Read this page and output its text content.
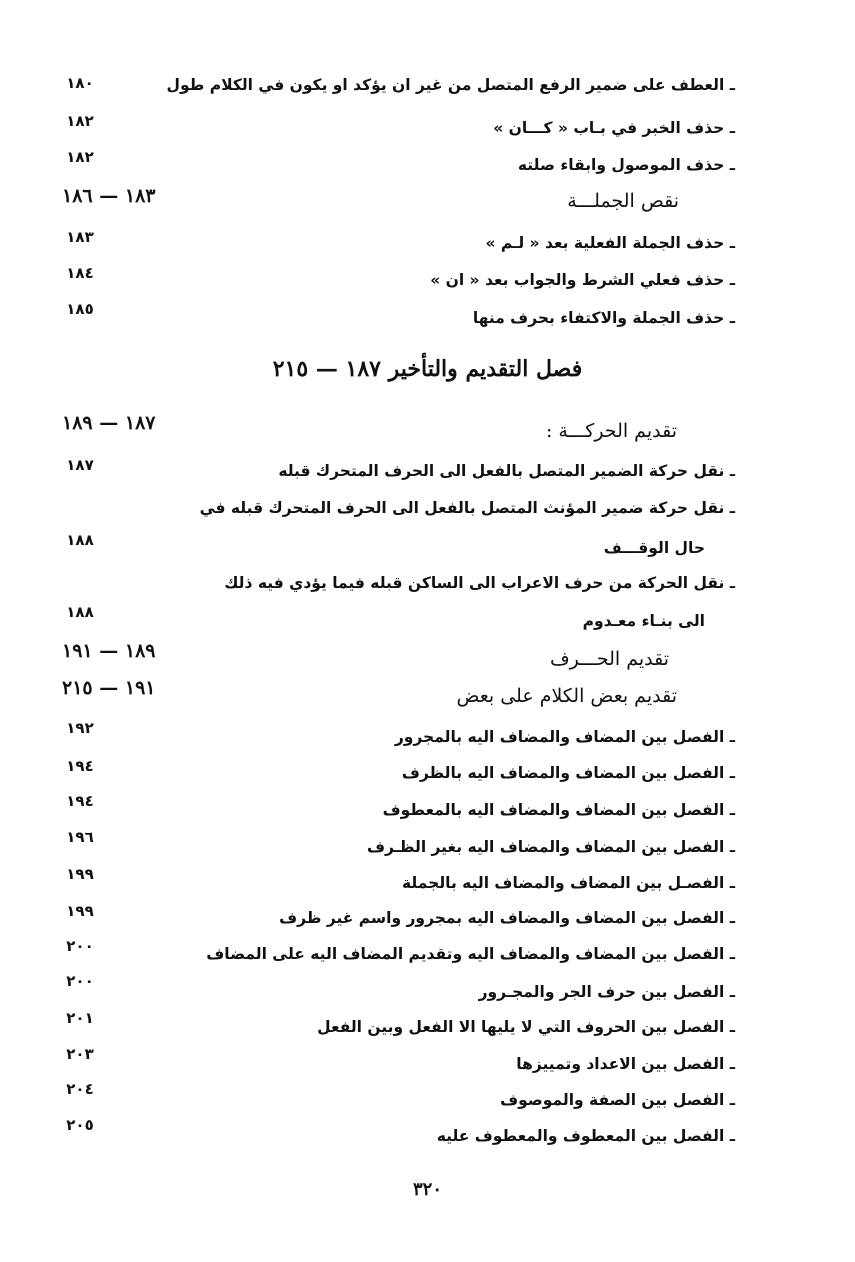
ـ العطف على ضمير الرفع المتصل من غير ان يؤكد او يكون في الكلام طول
١٨٠
ـ حذف الخبر في بـاب « كـــان »
١٨٢
ـ حذف الموصول وابقاء صلته
١٨٢
نقص الجملـــة
١٨٣ — ١٨٦
ـ حذف الجملة الفعلية بعد « لـم »
١٨٣
ـ حذف فعلي الشرط والجواب بعد « ان »
١٨٤
ـ حذف الجملة والاكتفاء بحرف منها
١٨٥
فصل التقديم والتأخير ١٨٧ — ٢١٥
تقديم الحركـــة :
١٨٧ — ١٨٩
ـ نقل حركة الضمير المتصل بالفعل الى الحرف المتحرك قبله
١٨٧
ـ نقل حركة ضمير المؤنث المتصل بالفعل الى الحرف المتحرك قبله في
حال الوقـــف
١٨٨
ـ نقل الحركة من حرف الاعراب الى الساكن قبله فيما يؤدي فيه ذلك
الى بنـاء معـدوم
١٨٨
تقديم الحـــرف
١٨٩ — ١٩١
تقديم بعض الكلام على بعض
١٩١ — ٢١٥
ـ الفصل بين المضاف والمضاف اليه بالمجرور
١٩٢
ـ الفصل بين المضاف والمضاف اليه بالظرف
١٩٤
ـ الفصل بين المضاف والمضاف اليه بالمعطوف
١٩٤
ـ الفصل بين المضاف والمضاف اليه بغير الظـرف
١٩٦
ـ الفصـل بين المضاف والمضاف اليه بالجملة
١٩٩
ـ الفصل بين المضاف والمضاف اليه بمجرور واسم غير ظرف
١٩٩
ـ الفصل بين المضاف والمضاف اليه وتقديم المضاف اليه على المضاف
٢٠٠
ـ الفصل بين حرف الجر والمجـرور
٢٠٠
ـ الفصل بين الحروف التي لا يليها الا الفعل وبين الفعل
٢٠١
ـ الفصل بين الاعداد وتمييزها
٢٠٣
ـ الفصل بين الصفة والموصوف
٢٠٤
ـ الفصل بين المعطوف والمعطوف عليه
٢٠٥
٣٢٠
